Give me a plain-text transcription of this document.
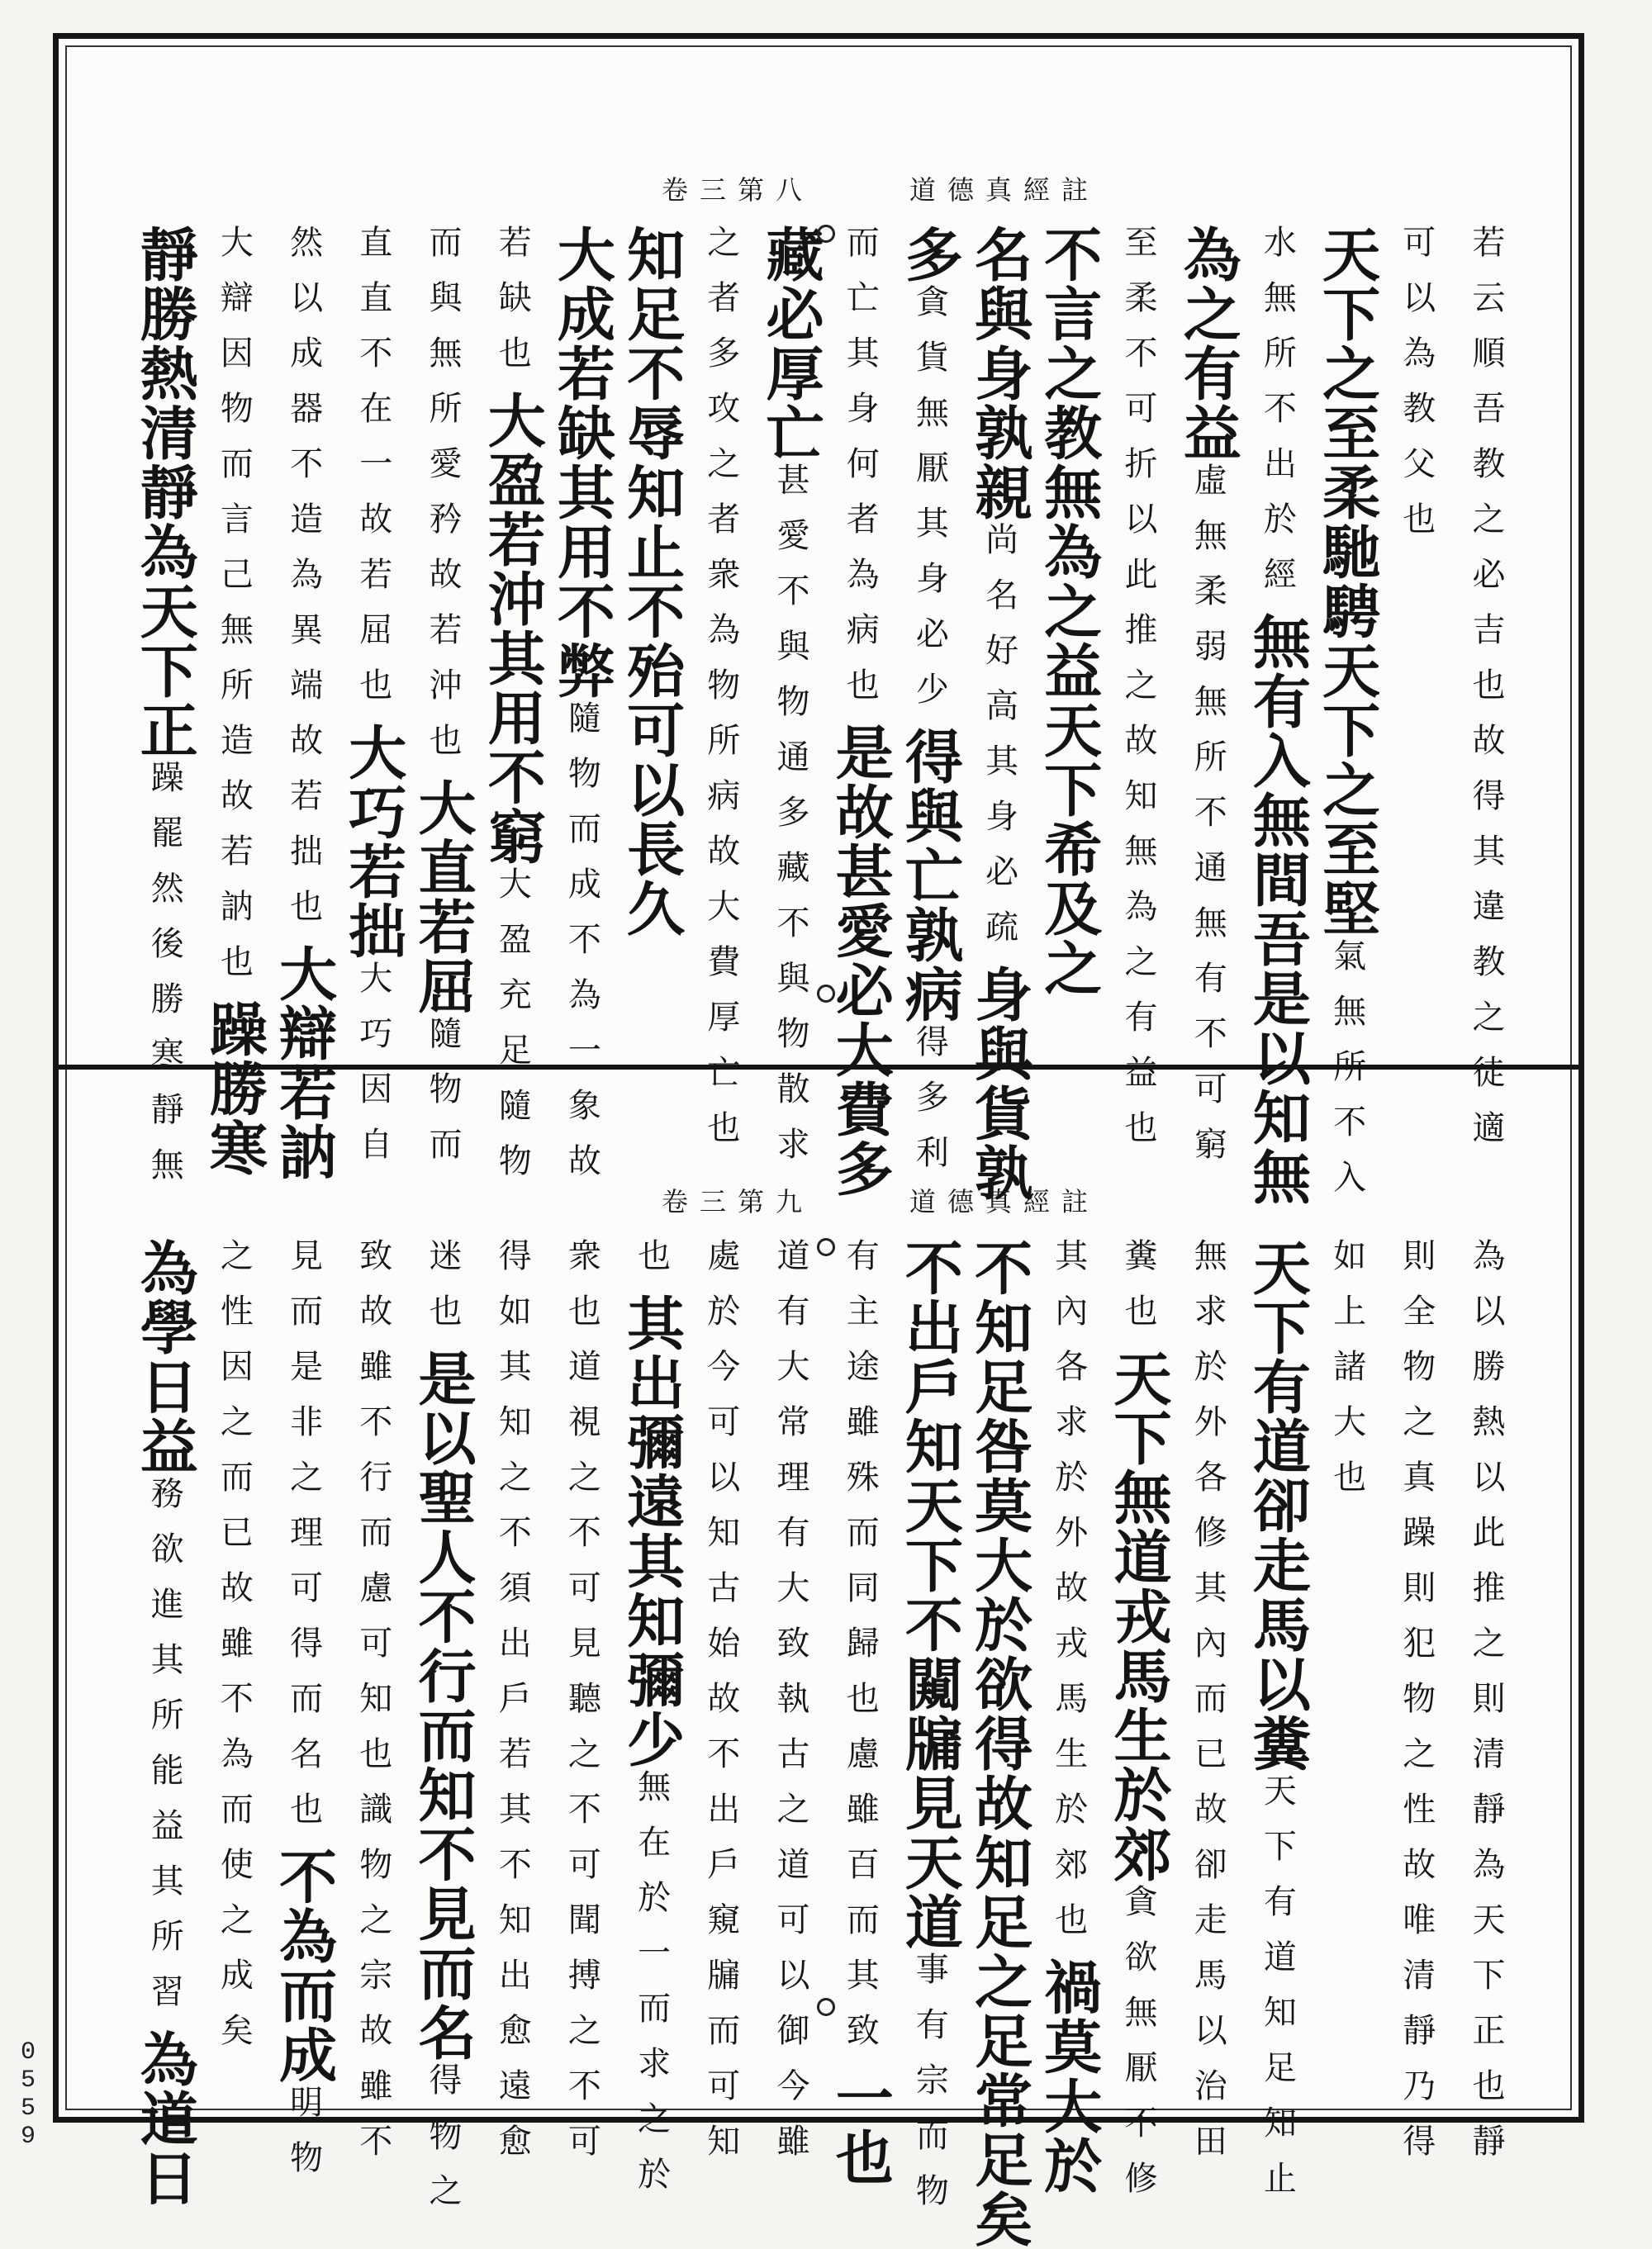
道德真經註
卷三第八
道德真經註
卷三第九
若云順吾教之必吉也故得其違教之徒適
可以為教父也
天下之至柔馳騁天下之至堅氣無所不入
水無所不出於經無有入無間吾是以知無
為之有益虛無柔弱無所不通無有不可窮
至柔不可折以此推之故知無為之有益也
不言之教無為之益天下希及之
名與身孰親尚名好高其身必疏身與貨孰
多貪貨無厭其身必少得與亡孰病得多利
而亡其身何者為病也是故甚愛必大費多
藏必厚亡甚愛不與物通多藏不與物散求
之者多攻之者衆為物所病故大費厚亡也
知足不辱知止不殆可以長久
大成若缺其用不弊隨物而成不為一象故
若缺也大盈若沖其用不窮大盈充足隨物
而與無所愛矜故若沖也大直若屈隨物而
直直不在一故若屈也大巧若拙大巧因自
然以成器不造為異端故若拙也大辯若訥
大辯因物而言己無所造故若訥也躁勝寒
靜勝熱清靜為天下正躁罷然後勝寒靜無
為以勝熱以此推之則清靜為天下正也靜
則全物之真躁則犯物之性故唯清靜乃得
如上諸大也
天下有道卻走馬以糞天下有道知足知止
無求於外各修其內而已故卻走馬以治田
糞也天下無道戎馬生於郊貪欲無厭不修
其內各求於外故戎馬生於郊也禍莫大於
不知足咎莫大於欲得故知足之足常足矣
不出戶知天下不闚牖見天道事有宗而物
有主途雖殊而同歸也慮雖百而其致一也
道有大常理有大致執古之道可以御今雖
處於今可以知古始故不出戶窺牖而可知
也其出彌遠其知彌少無在於一而求之於
衆也道視之不可見聽之不可聞搏之不可
得如其知之不須出戶若其不知出愈遠愈
迷也是以聖人不行而知不見而名得物之
致故雖不行而慮可知也識物之宗故雖不
見而是非之理可得而名也不為而成明物
之性因之而已故雖不為而使之成矣
為學日益務欲進其所能益其所習為道日
0
5
5
9
